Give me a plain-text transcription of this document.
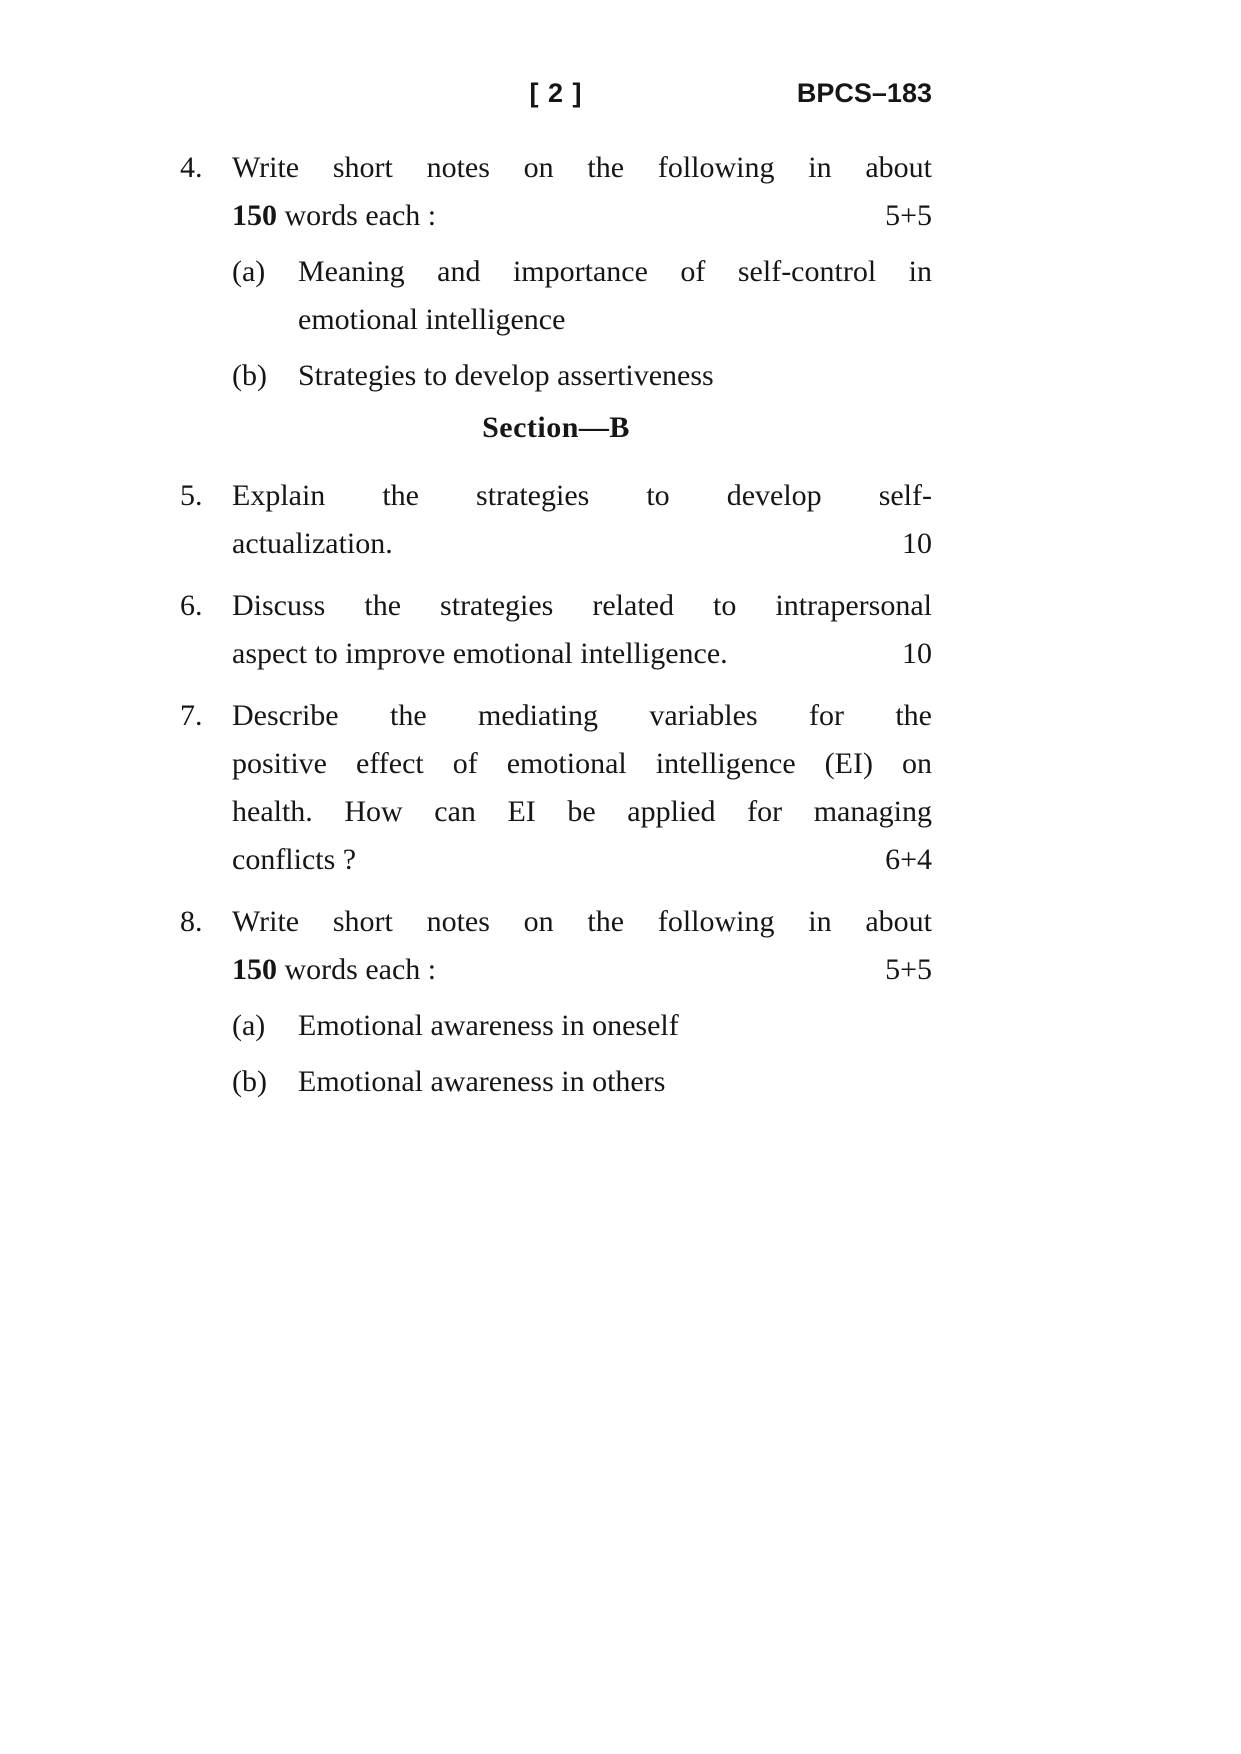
[ 2 ]	BPCS–183
4. Write short notes on the following in about
150 words each :	5+5
(a)	Meaning and importance of self-control in
emotional intelligence
(b)	Strategies to develop assertiveness
Section—B
5. Explain the strategies to develop self-
actualization.	10
6. Discuss the strategies related to intrapersonal
aspect to improve emotional intelligence.	10
7. Describe the mediating variables for the
positive effect of emotional intelligence (EI) on
health. How can EI be applied for managing
conflicts ?	6+4
8. Write short notes on the following in about
150 words each :	5+5
(a)	Emotional awareness in oneself
(b)	Emotional awareness in others
